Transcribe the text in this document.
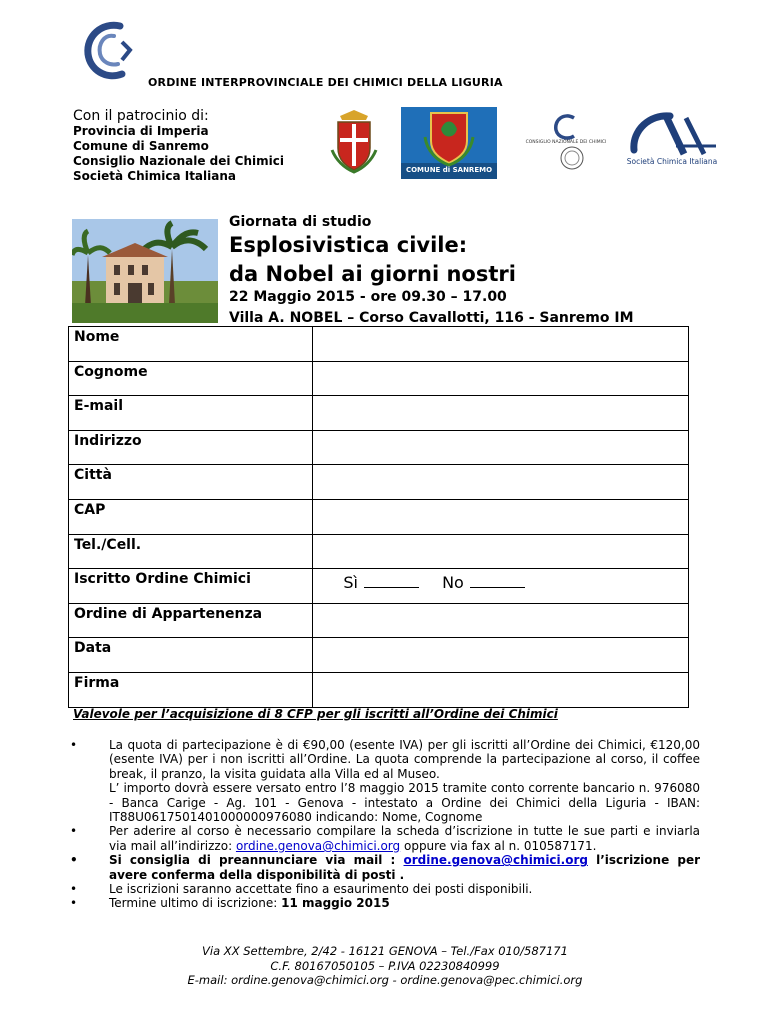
ORDINE INTERPROVINCIALE DEI CHIMICI DELLA LIGURIA
Con il patrocinio di:
Provincia di Imperia
Comune di Sanremo
Consiglio Nazionale dei Chimici
Società Chimica Italiana	COMUNE di SANREMO
CONSIGLIO NAZIONALE DEI CHIMICI
Società Chimica Italiana
Giornata di studio
Esplosivistica civile:
da Nobel ai giorni nostri
22 Maggio 2015 - ore 09.30 – 17.00
Villa A. NOBEL – Corso Cavallotti, 116 - Sanremo IM
Nome	
Cognome	
E-mail	
Indirizzo	
Città	
CAP	
Tel./Cell.	
Iscritto Ordine Chimici	Sì No
Ordine di Appartenenza	
Data	
Firma	
Valevole per l’acquisizione di 8 CFP per gli iscritti all’Ordine dei Chimici
•	La quota di partecipazione è di €90,00 (esente IVA) per gli iscritti all’Ordine dei Chimici, €120,00 (esente IVA) per i non iscritti all’Ordine. La quota comprende la partecipazione al corso, il coffee break, il pranzo, la visita guidata alla Villa ed al Museo.
L’ importo dovrà essere versato entro l’8 maggio 2015 tramite conto corrente bancario n. 976080 - Banca Carige - Ag. 101 - Genova - intestato a Ordine dei Chimici della Liguria - IBAN: IT88U0617501401000000976080 indicando: Nome, Cognome
•	Per aderire al corso è necessario compilare la scheda d’iscrizione in tutte le sue parti e inviarla via mail all’indirizzo: ordine.genova@chimici.org oppure via fax al n. 010587171.
•	Si consiglia di preannunciare via mail : ordine.genova@chimici.org l’iscrizione per avere conferma della disponibilità di posti .
•	Le iscrizioni saranno accettate fino a esaurimento dei posti disponibili.
•	Termine ultimo di iscrizione: 11 maggio 2015
Via XX Settembre, 2/42 - 16121 GENOVA – Tel./Fax 010/587171
C.F. 80167050105 – P.IVA 02230840999
E-mail: ordine.genova@chimici.org - ordine.genova@pec.chimici.org
